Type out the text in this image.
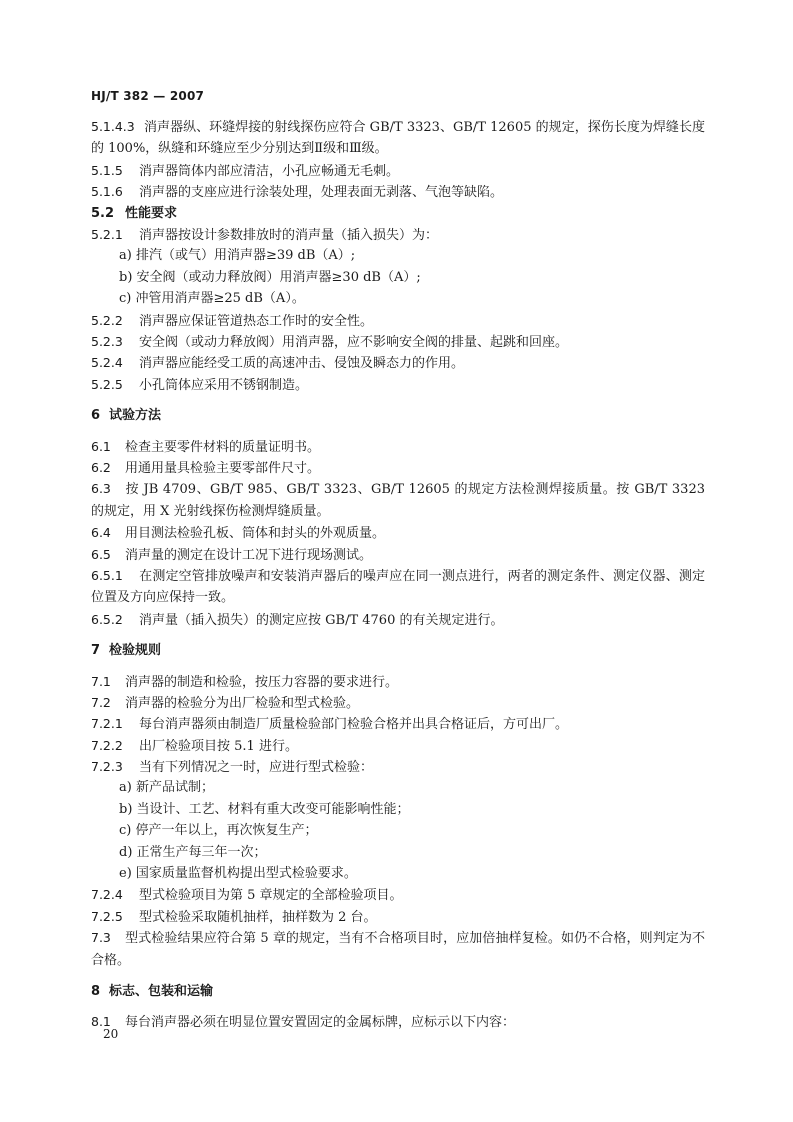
HJ/T 382 — 2007
5.1.4.3 消声器纵、环缝焊接的射线探伤应符合 GB/T 3323、GB/T 12605 的规定，探伤长度为焊缝长度的 100%，纵缝和环缝应至少分别达到Ⅱ级和Ⅲ级。
5.1.5 消声器筒体内部应清洁，小孔应畅通无毛刺。
5.1.6 消声器的支座应进行涂装处理，处理表面无剥落、气泡等缺陷。
5.2 性能要求
5.2.1 消声器按设计参数排放时的消声量（插入损失）为：
a) 排汽（或气）用消声器≥39 dB（A）;
b) 安全阀（或动力释放阀）用消声器≥30 dB（A）;
c) 冲管用消声器≥25 dB（A）。
5.2.2 消声器应保证管道热态工作时的安全性。
5.2.3 安全阀（或动力释放阀）用消声器，应不影响安全阀的排量、起跳和回座。
5.2.4 消声器应能经受工质的高速冲击、侵蚀及瞬态力的作用。
5.2.5 小孔筒体应采用不锈钢制造。
6 试验方法
6.1 检查主要零件材料的质量证明书。
6.2 用通用量具检验主要零部件尺寸。
6.3 按 JB 4709、GB/T 985、GB/T 3323、GB/T 12605 的规定方法检测焊接质量。按 GB/T 3323 的规定，用 X 光射线探伤检测焊缝质量。
6.4 用目测法检验孔板、筒体和封头的外观质量。
6.5 消声量的测定在设计工况下进行现场测试。
6.5.1 在测定空管排放噪声和安装消声器后的噪声应在同一测点进行，两者的测定条件、测定仪器、测定位置及方向应保持一致。
6.5.2 消声量（插入损失）的测定应按 GB/T 4760 的有关规定进行。
7 检验规则
7.1 消声器的制造和检验，按压力容器的要求进行。
7.2 消声器的检验分为出厂检验和型式检验。
7.2.1 每台消声器须由制造厂质量检验部门检验合格并出具合格证后，方可出厂。
7.2.2 出厂检验项目按 5.1 进行。
7.2.3 当有下列情况之一时，应进行型式检验：
a) 新产品试制；
b) 当设计、工艺、材料有重大改变可能影响性能；
c) 停产一年以上，再次恢复生产；
d) 正常生产每三年一次；
e) 国家质量监督机构提出型式检验要求。
7.2.4 型式检验项目为第 5 章规定的全部检验项目。
7.2.5 型式检验采取随机抽样，抽样数为 2 台。
7.3 型式检验结果应符合第 5 章的规定，当有不合格项目时，应加倍抽样复检。如仍不合格，则判定为不合格。
8 标志、包装和运输
8.1 每台消声器必须在明显位置安置固定的金属标牌，应标示以下内容：
20
